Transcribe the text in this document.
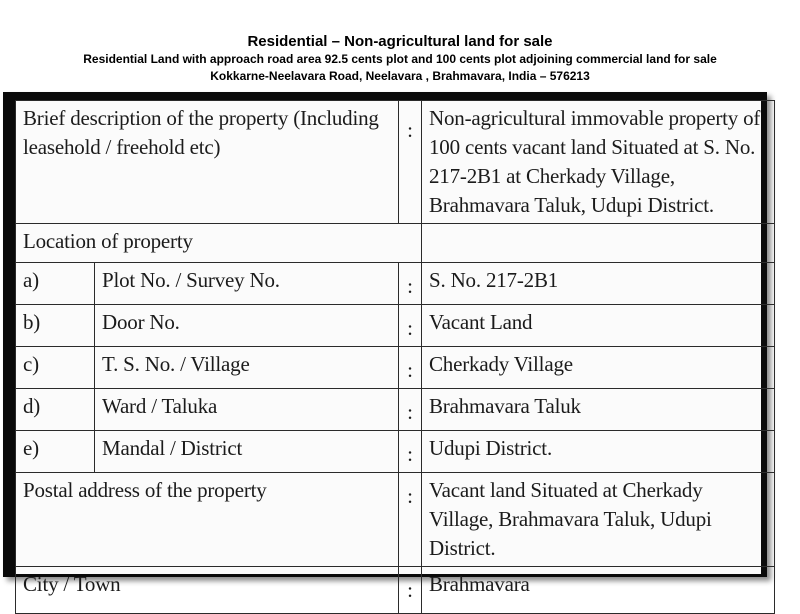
Residential – Non-agricultural land for sale
Residential Land with approach road area 92.5 cents plot and 100 cents plot adjoining commercial land for sale
Kokkarne-Neelavara Road, Neelavara , Brahmavara, India – 576213
Brief description of the property (Including leasehold / freehold etc)		:	Non-agricultural immovable property of 100 cents vacant land Situated at S. No. 217-2B1 at Cherkady Village, Brahmavara Taluk, Udupi District.
Location of property			
a)	Plot No. / Survey No.	:	S. No. 217-2B1
b)	Door No.	:	Vacant Land
c)	T. S. No. / Village	:	Cherkady Village
d)	Ward / Taluka	:	Brahmavara Taluk
e)	Mandal / District	:	Udupi District.
Postal address of the property		:	Vacant land Situated at Cherkady Village, Brahmavara Taluk, Udupi District.
City / Town		:	Brahmavara
